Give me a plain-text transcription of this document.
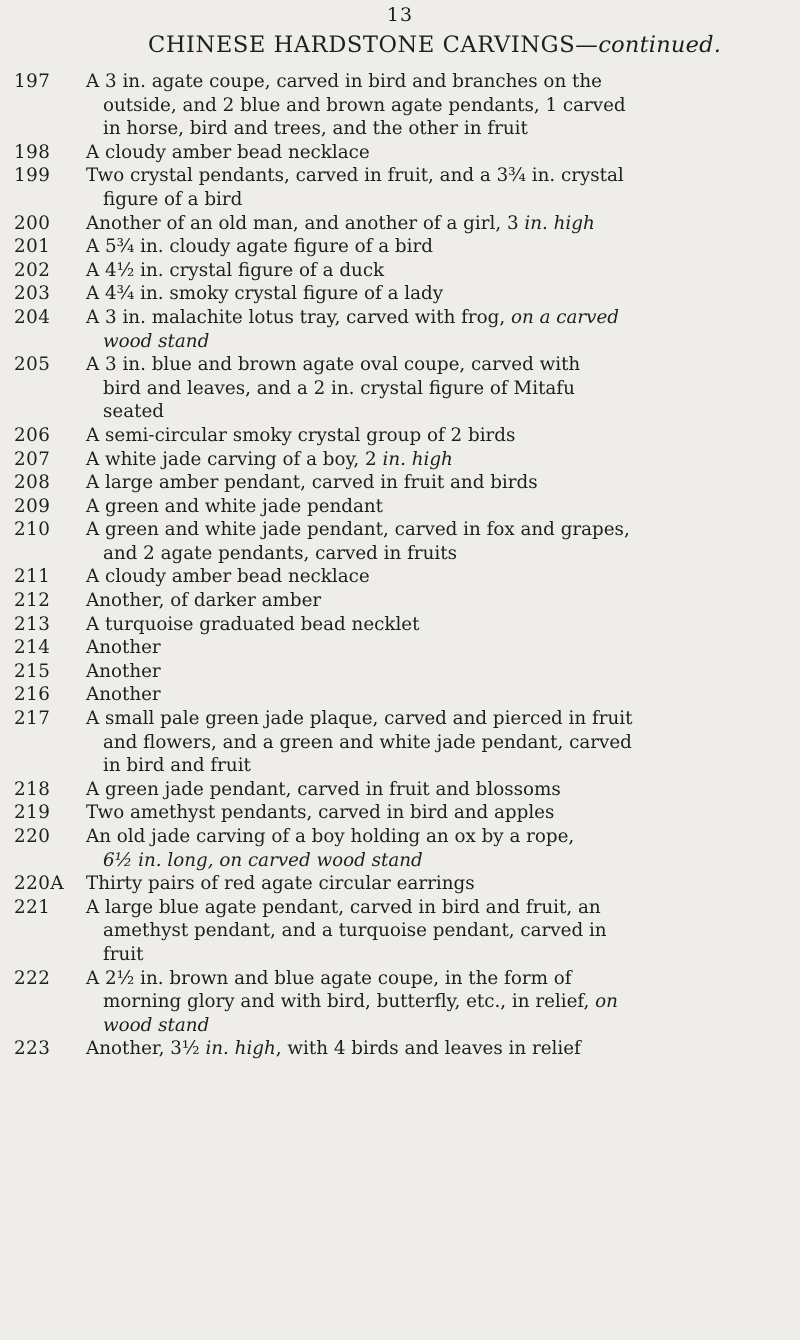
13
CHINESE HARDSTONE CARVINGS—continued.
197 A 3 in. agate coupe, carved in bird and branches on the
outside, and 2 blue and brown agate pendants, 1 carved
in horse, bird and trees, and the other in fruit
198 A cloudy amber bead necklace
199 Two crystal pendants, carved in fruit, and a 3¾ in. crystal
figure of a bird
200 Another of an old man, and another of a girl, 3 in. high
201 A 5¾ in. cloudy agate figure of a bird
202 A 4½ in. crystal figure of a duck
203 A 4¾ in. smoky crystal figure of a lady
204 A 3 in. malachite lotus tray, carved with frog, on a carved
wood stand
205 A 3 in. blue and brown agate oval coupe, carved with
bird and leaves, and a 2 in. crystal figure of Mitafu
seated
206 A semi-circular smoky crystal group of 2 birds
207 A white jade carving of a boy, 2 in. high
208 A large amber pendant, carved in fruit and birds
209 A green and white jade pendant
210 A green and white jade pendant, carved in fox and grapes,
and 2 agate pendants, carved in fruits
211 A cloudy amber bead necklace
212 Another, of darker amber
213 A turquoise graduated bead necklet
214 Another
215 Another
216 Another
217 A small pale green jade plaque, carved and pierced in fruit
and flowers, and a green and white jade pendant, carved
in bird and fruit
218 A green jade pendant, carved in fruit and blossoms
219 Two amethyst pendants, carved in bird and apples
220 An old jade carving of a boy holding an ox by a rope,
6½ in. long, on carved wood stand
220A Thirty pairs of red agate circular earrings
221 A large blue agate pendant, carved in bird and fruit, an
amethyst pendant, and a turquoise pendant, carved in
fruit
222 A 2½ in. brown and blue agate coupe, in the form of
morning glory and with bird, butterfly, etc., in relief, on
wood stand
223 Another, 3½ in. high, with 4 birds and leaves in relief
